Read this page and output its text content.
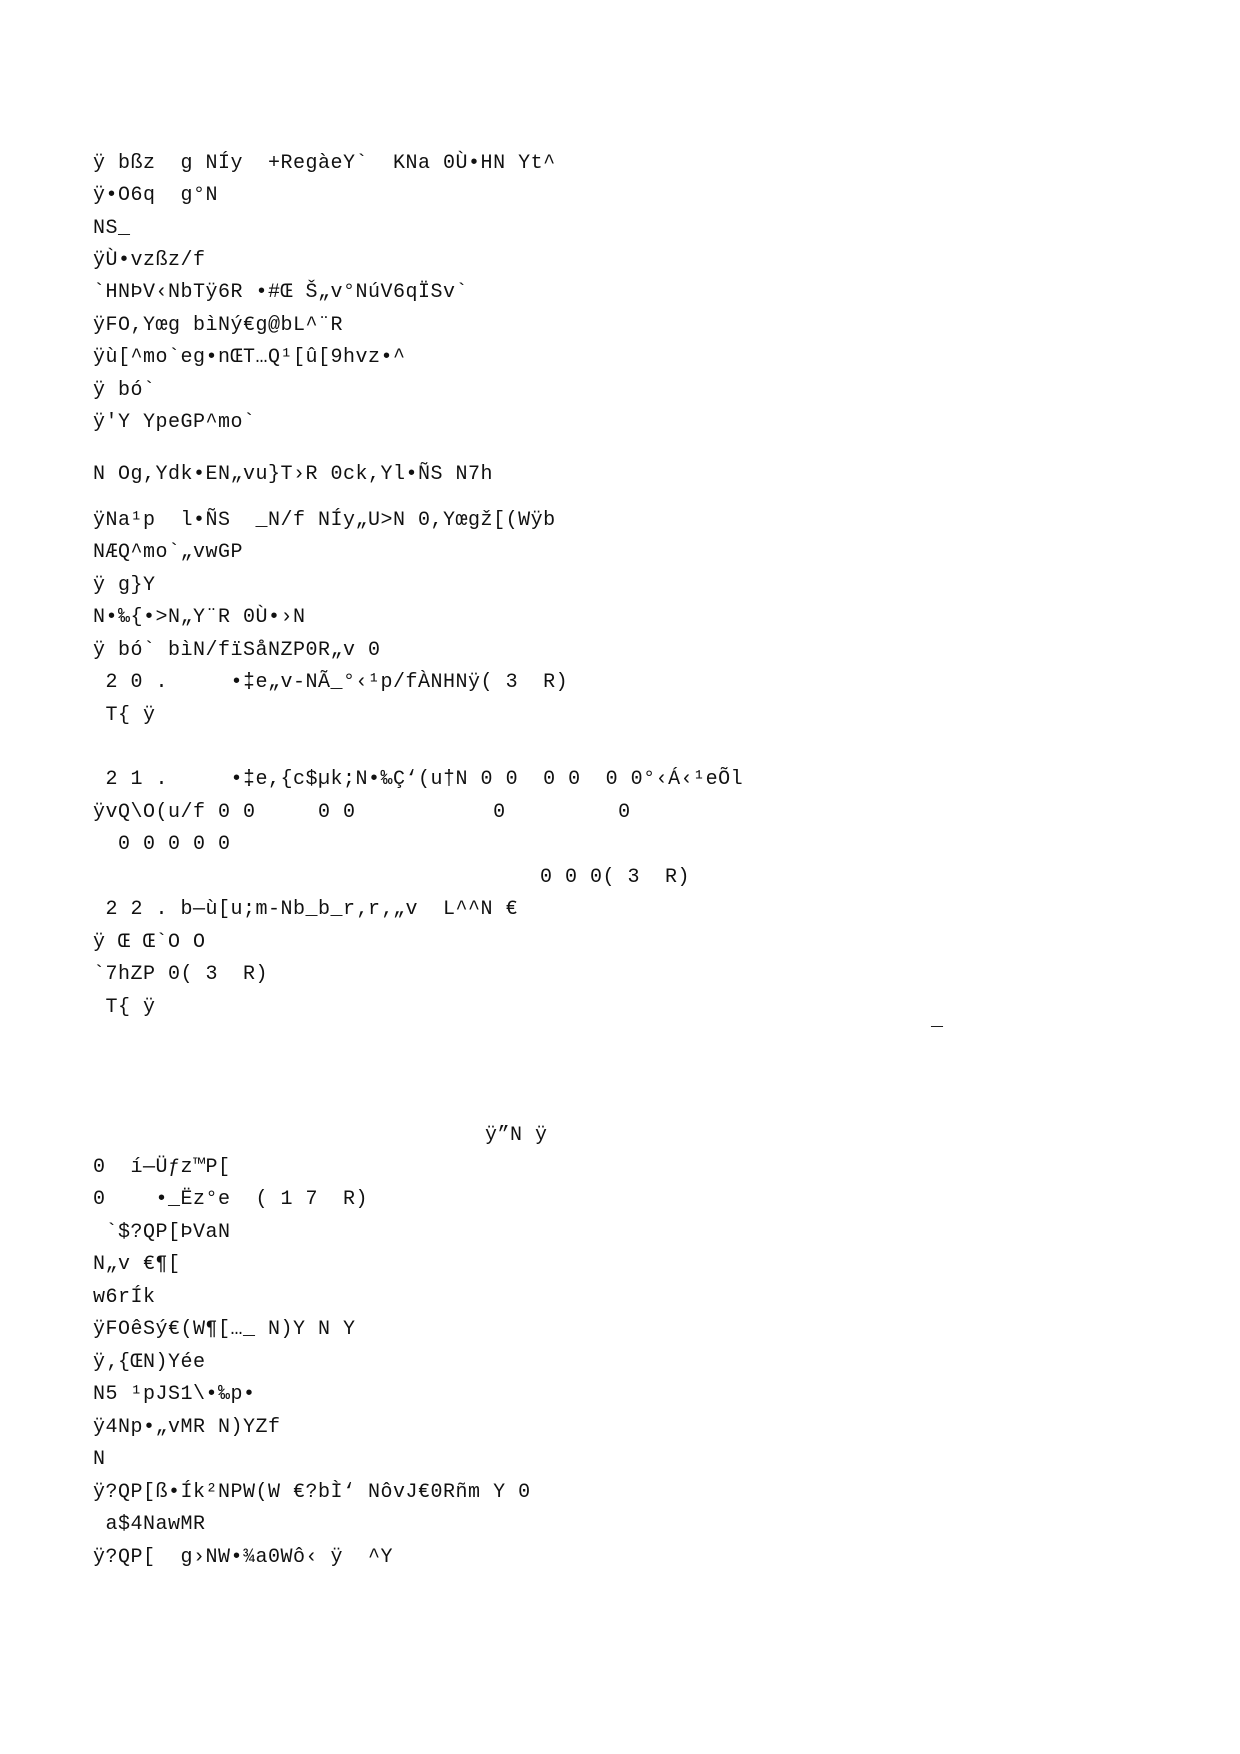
ÿ bßz  g NÍy  +RegàeY`  KNa 0Ù•HN Yt^
ÿ•O6q  g°N
NS_
ÿÙ•vzßz/f
`HNÞV‹NbTÿ6R •#Œ Š„v°NúV6qÏSv`
ÿFO,Yœg bìNý€g@bL^¨R
ÿù[^mo`eg•nŒT…Q¹[û[9hvz•^
ÿ bó`
ÿ'Y YpeGP^mo`
N Og,Ydk•EN„vu}T›R 0ck,Yl•ÑS N7h
ÿNa¹p  l•ÑS  _N/f NÍy„U>N 0,Yœgž[(Wÿb
NÆQ^mo`„vwGP
ÿ g}Y
N•‰{•>N„Y¨R 0Ù•›N
ÿ bó` bìN/fïSåNZP0R„v 0
2 0 .     •‡e„v-NÃ_°‹¹p/fÀNHNÿ( 3  R)
T{ ÿ
2 1 .     •‡e,{c$µk;N•‰Ç‘(u†N 0 0  0 0  0 0°‹Á‹¹eÕl
ÿvQ\O(u/f 0 0     0 0           0         0
0 0 0 0 0
0 0 0( 3  R)
2 2 . b—ù[u;m-Nb_b_r‚r‚„v  L^^N €
ÿ Œ Œ`O O
`7hZP 0( 3  R)
T{ ÿ
_
ÿ”N ÿ
0  í—Üƒz™P[
0    •_Ëz°e  ( 1 7  R)
`$?QP[ÞVaN
N„v €¶[
w6rÍk
ÿFOêSý€(W¶[…_ N)Y N Y
ÿ‚{ŒN)Yée
N5 ¹pJS1\•‰p•
ÿ4Np•„vMR N)YZf
N
ÿ?QP[ß•Ík²NPW(W €?bÌ‘ NôvJ€0Rñm Y 0
a$4NawMR
ÿ?QP[  g›NW•¾a0Wô‹ ÿ  ^Y
